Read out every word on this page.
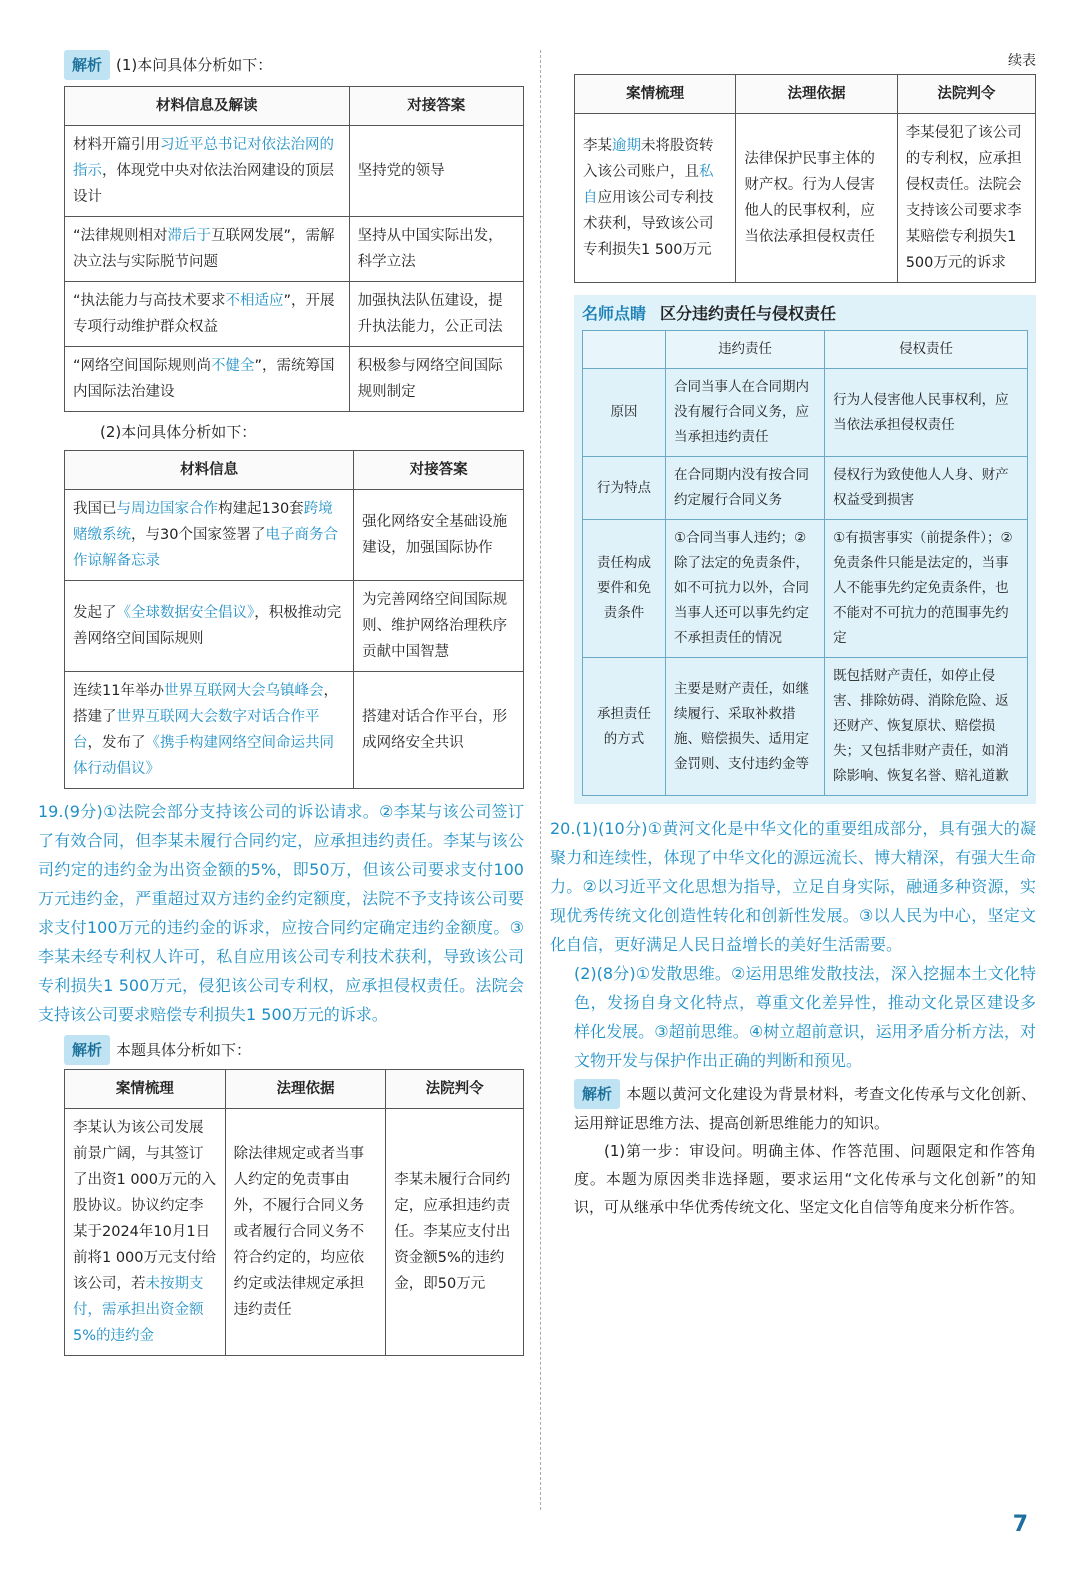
解析 (1)本问具体分析如下：
材料信息及解读	对接答案
材料开篇引用习近平总书记对依法治网的指示，体现党中央对依法治网建设的顶层设计	坚持党的领导
“法律规则相对滞后于互联网发展”，需解决立法与实际脱节问题	坚持从中国实际出发，科学立法
“执法能力与高技术要求不相适应”，开展专项行动维护群众权益	加强执法队伍建设，提升执法能力，公正司法
“网络空间国际规则尚不健全”，需统筹国内国际法治建设	积极参与网络空间国际规则制定
(2)本问具体分析如下：
材料信息	对接答案
我国已与周边国家合作构建起130套跨境赌缴系统，与30个国家签署了电子商务合作谅解备忘录	强化网络安全基础设施建设，加强国际协作
发起了《全球数据安全倡议》，积极推动完善网络空间国际规则	为完善网络空间国际规则、维护网络治理秩序贡献中国智慧
连续11年举办世界互联网大会乌镇峰会，搭建了世界互联网大会数字对话合作平台，发布了《携手构建网络空间命运共同体行动倡议》	搭建对话合作平台，形成网络安全共识
19.(9分)①法院会部分支持该公司的诉讼请求。②李某与该公司签订了有效合同，但李某未履行合同约定，应承担违约责任。李某与该公司约定的违约金为出资金额的5%，即50万，但该公司要求支付100万元违约金，严重超过双方违约金约定额度，法院不予支持该公司要求支付100万元的违约金的诉求，应按合同约定确定违约金额度。③李某未经专利权人许可，私自应用该公司专利技术获利，导致该公司专利损失1 500万元，侵犯该公司专利权，应承担侵权责任。法院会支持该公司要求赔偿专利损失1 500万元的诉求。
解析 本题具体分析如下：
案情梳理	法理依据	法院判令
李某认为该公司发展前景广阔，与其签订了出资1 000万元的入股协议。协议约定李某于2024年10月1日前将1 000万元支付给该公司，若未按期支付，需承担出资金额5%的违约金	除法律规定或者当事人约定的免责事由外，不履行合同义务或者履行合同义务不符合约定的，均应依约定或法律规定承担违约责任	李某未履行合同约定，应承担违约责任。李某应支付出资金额5%的违约金，即50万元
续表
案情梳理	法理依据	法院判令
李某逾期未将股资转入该公司账户，且私自应用该公司专利技术获利，导致该公司专利损失1 500万元	法律保护民事主体的财产权。行为人侵害他人的民事权利，应当依法承担侵权责任	李某侵犯了该公司的专利权，应承担侵权责任。法院会支持该公司要求李某赔偿专利损失1 500万元的诉求
名师点睛 区分违约责任与侵权责任
	违约责任	侵权责任
原因	合同当事人在合同期内没有履行合同义务，应当承担违约责任	行为人侵害他人民事权利，应当依法承担侵权责任
行为特点	在合同期内没有按合同约定履行合同义务	侵权行为致使他人人身、财产权益受到损害
责任构成要件和免责条件	①合同当事人违约；②除了法定的免责条件，如不可抗力以外，合同当事人还可以事先约定不承担责任的情况	①有损害事实（前提条件）；②免责条件只能是法定的，当事人不能事先约定免责条件，也不能对不可抗力的范围事先约定
承担责任的方式	主要是财产责任，如继续履行、采取补救措施、赔偿损失、适用定金罚则、支付违约金等	既包括财产责任，如停止侵害、排除妨碍、消除危险、返还财产、恢复原状、赔偿损失；又包括非财产责任，如消除影响、恢复名誉、赔礼道歉
20.(1)(10分)①黄河文化是中华文化的重要组成部分，具有强大的凝聚力和连续性，体现了中华文化的源远流长、博大精深，有强大生命力。②以习近平文化思想为指导，立足自身实际，融通多种资源，实现优秀传统文化创造性转化和创新性发展。③以人民为中心，坚定文化自信，更好满足人民日益增长的美好生活需要。
(2)(8分)①发散思维。②运用思维发散技法，深入挖掘本土文化特色，发扬自身文化特点，尊重文化差异性，推动文化景区建设多样化发展。③超前思维。④树立超前意识，运用矛盾分析方法，对文物开发与保护作出正确的判断和预见。
解析 本题以黄河文化建设为背景材料，考查文化传承与文化创新、运用辩证思维方法、提高创新思维能力的知识。
(1)第一步：审设问。明确主体、作答范围、问题限定和作答角度。本题为原因类非选择题，要求运用“文化传承与文化创新”的知识，可从继承中华优秀传统文化、坚定文化自信等角度来分析作答。
7
